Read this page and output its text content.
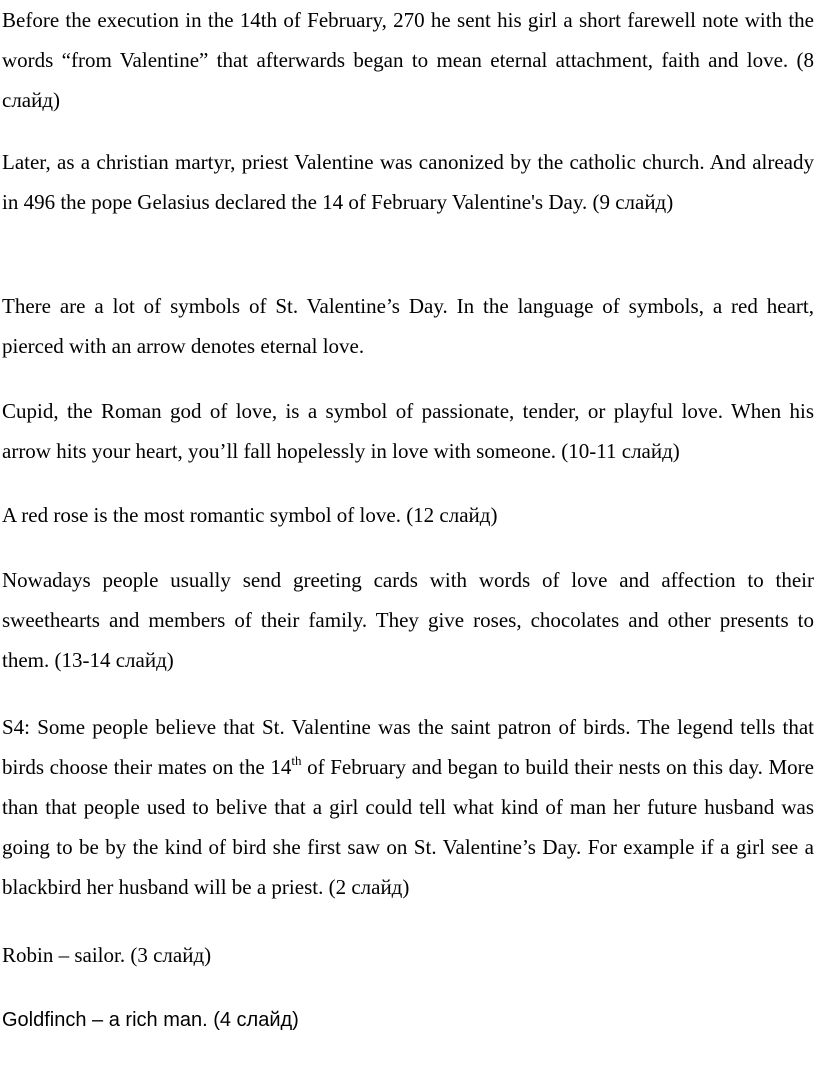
Before the execution in the 14th of February, 270 he sent his girl a short farewell note with the words “from Valentine” that afterwards began to mean eternal attachment, faith and love. (8 слайд)

Later, as a christian martyr, priest Valentine was canonized by the catholic church. And already in 496 the pope Gelasius declared the 14 of February Valentine's Day. (9 слайд)

There are a lot of symbols of St. Valentine’s Day. In the language of symbols, a red heart, pierced with an arrow denotes eternal love.

Cupid, the Roman god of love, is a symbol of passionate, tender, or playful love. When his arrow hits your heart, you’ll fall hopelessly in love with someone. (10-11 слайд)

A red rose is the most romantic symbol of love. (12 слайд)

Nowadays people usually send greeting cards with words of love and affection to their sweethearts and members of their family. They give roses, chocolates and other presents to them. (13-14 слайд)

S4: Some people believe that St. Valentine was the saint patron of birds. The legend tells that birds choose their mates on the 14th of February and began to build their nests on this day. More than that people used to belive that a girl could tell what kind of man her future husband was going to be by the kind of bird she first saw on St. Valentine’s Day. For example if a girl see a blackbird her husband will be a priest. (2 слайд)

Robin – sailor. (3 слайд)

Goldfinch – a rich man. (4 слайд)
